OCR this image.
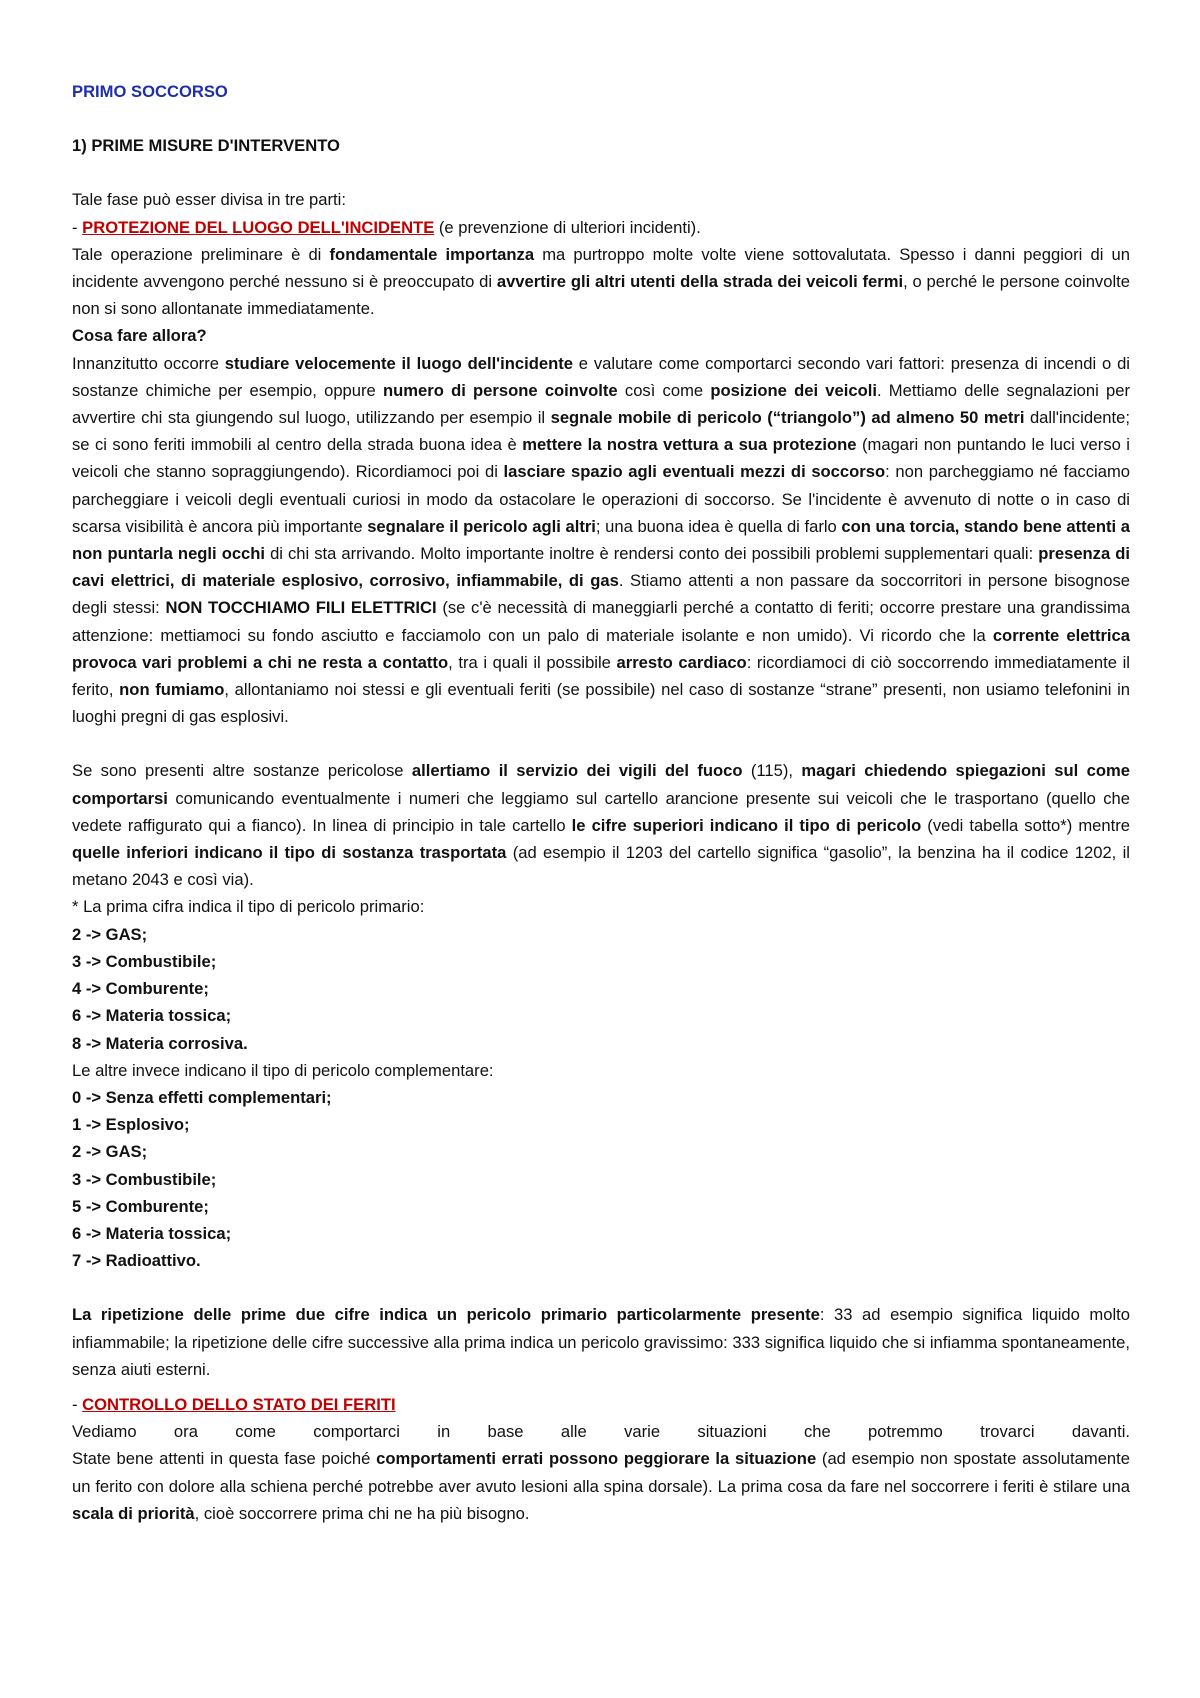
PRIMO SOCCORSO

1) PRIME MISURE D'INTERVENTO

Tale fase può esser divisa in tre parti:

- PROTEZIONE DEL LUOGO DELL'INCIDENTE (e prevenzione di ulteriori incidenti).

Tale operazione preliminare è di fondamentale importanza ma purtroppo molte volte viene sottovalutata. Spesso i danni peggiori di un incidente avvengono perché nessuno si è preoccupato di avvertire gli altri utenti della strada dei veicoli fermi, o perché le persone coinvolte non si sono allontanate immediatamente.

Cosa fare allora?

Innanzitutto occorre studiare velocemente il luogo dell'incidente e valutare come comportarci secondo vari fattori: presenza di incendi o di sostanze chimiche per esempio, oppure numero di persone coinvolte così come posizione dei veicoli. Mettiamo delle segnalazioni per avvertire chi sta giungendo sul luogo, utilizzando per esempio il segnale mobile di pericolo (“triangolo”) ad almeno 50 metri dall'incidente; se ci sono feriti immobili al centro della strada buona idea è mettere la nostra vettura a sua protezione (magari non puntando le luci verso i veicoli che stanno sopraggiungendo). Ricordiamoci poi di lasciare spazio agli eventuali mezzi di soccorso: non parcheggiamo né facciamo parcheggiare i veicoli degli eventuali curiosi in modo da ostacolare le operazioni di soccorso. Se l'incidente è avvenuto di notte o in caso di scarsa visibilità è ancora più importante segnalare il pericolo agli altri; una buona idea è quella di farlo con una torcia, stando bene attenti a non puntarla negli occhi di chi sta arrivando. Molto importante inoltre è rendersi conto dei possibili problemi supplementari quali: presenza di cavi elettrici, di materiale esplosivo, corrosivo, infiammabile, di gas. Stiamo attenti a non passare da soccorritori in persone bisognose degli stessi: NON TOCCHIAMO FILI ELETTRICI (se c'è necessità di maneggiarli perché a contatto di feriti; occorre prestare una grandissima attenzione: mettiamoci su fondo asciutto e facciamolo con un palo di materiale isolante e non umido). Vi ricordo che la corrente elettrica provoca vari problemi a chi ne resta a contatto, tra i quali il possibile arresto cardiaco: ricordiamoci di ciò soccorrendo immediatamente il ferito, non fumiamo, allontaniamo noi stessi e gli eventuali feriti (se possibile) nel caso di sostanze “strane” presenti, non usiamo telefonini in luoghi pregni di gas esplosivi.

Se sono presenti altre sostanze pericolose allertiamo il servizio dei vigili del fuoco (115), magari chiedendo spiegazioni sul come comportarsi comunicando eventualmente i numeri che leggiamo sul cartello arancione presente sui veicoli che le trasportano (quello che vedete raffigurato qui a fianco). In linea di principio in tale cartello le cifre superiori indicano il tipo di pericolo (vedi tabella sotto*) mentre quelle inferiori indicano il tipo di sostanza trasportata (ad esempio il 1203 del cartello significa “gasolio”, la benzina ha il codice 1202, il metano 2043 e così via).

* La prima cifra indica il tipo di pericolo primario:

2 -> GAS;
3 -> Combustibile;
4 -> Comburente;
6 -> Materia tossica;
8 -> Materia corrosiva.

Le altre invece indicano il tipo di pericolo complementare:

0 -> Senza effetti complementari;
1 -> Esplosivo;
2 -> GAS;
3 -> Combustibile;
5 -> Comburente;
6 -> Materia tossica;
7 -> Radioattivo.

La ripetizione delle prime due cifre indica un pericolo primario particolarmente presente: 33 ad esempio significa liquido molto infiammabile; la ripetizione delle cifre successive alla prima indica un pericolo gravissimo: 333 significa liquido che si infiamma spontaneamente, senza aiuti esterni.

- CONTROLLO DELLO STATO DEI FERITI

Vediamo ora come comportarci in base alle varie situazioni che potremmo trovarci davanti.

State bene attenti in questa fase poiché comportamenti errati possono peggiorare la situazione (ad esempio non spostate assolutamente un ferito con dolore alla schiena perché potrebbe aver avuto lesioni alla spina dorsale). La prima cosa da fare nel soccorrere i feriti è stilare una scala di priorità, cioè soccorrere prima chi ne ha più bisogno.
